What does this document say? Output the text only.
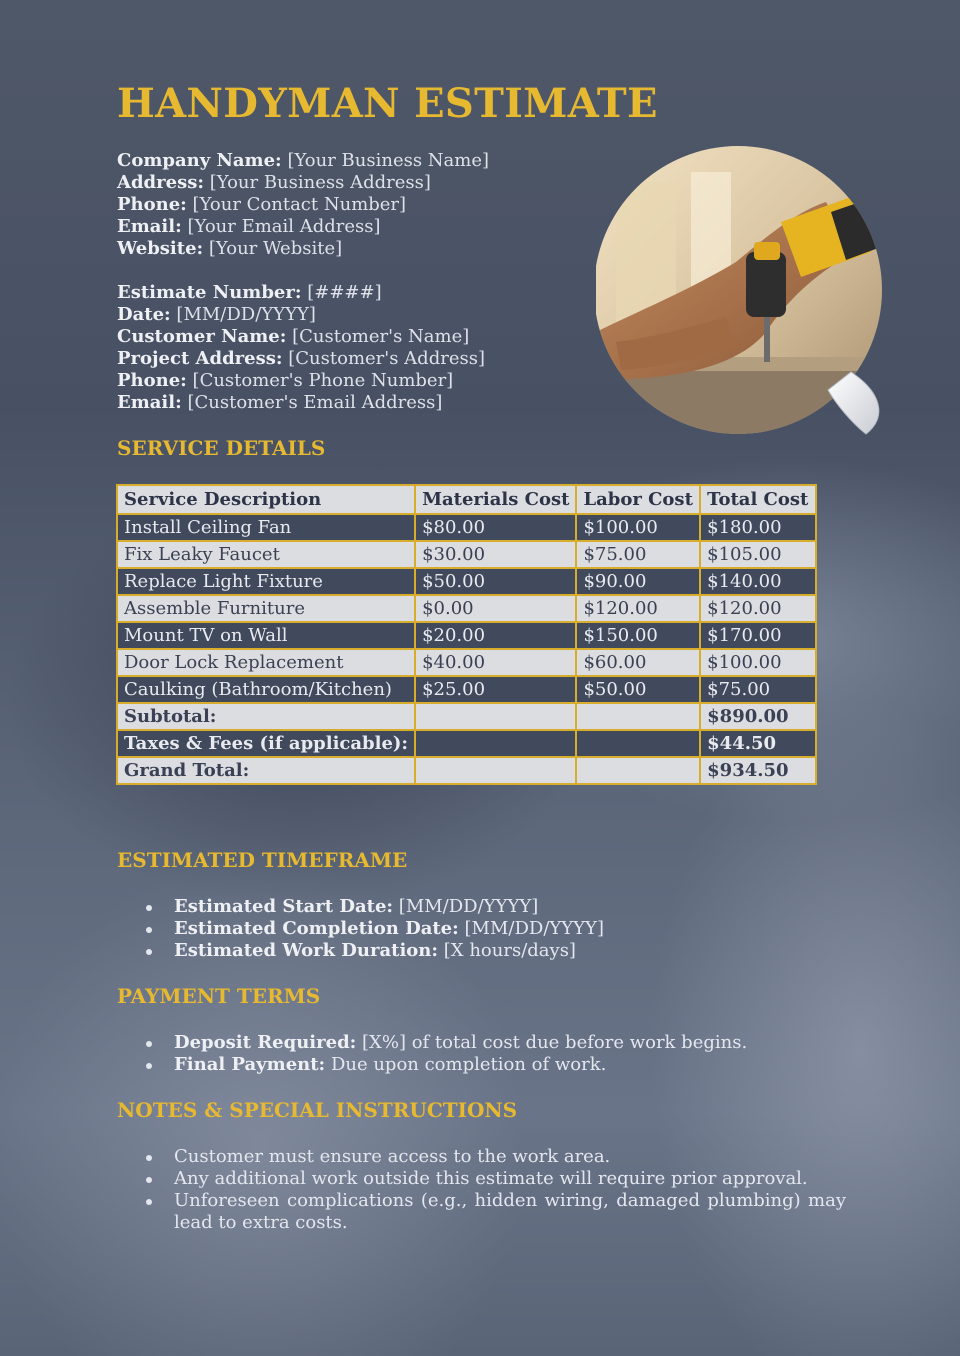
HANDYMAN ESTIMATE
Company Name: [Your Business Name]
Address: [Your Business Address]
Phone: [Your Contact Number]
Email: [Your Email Address]
Website: [Your Website]
Estimate Number: [####]
Date: [MM/DD/YYYY]
Customer Name: [Customer's Name]
Project Address: [Customer's Address]
Phone: [Customer's Phone Number]
Email: [Customer's Email Address]
SERVICE DETAILS
Service Description	Materials Cost	Labor Cost	Total Cost
Install Ceiling Fan	$80.00	$100.00	$180.00
Fix Leaky Faucet	$30.00	$75.00	$105.00
Replace Light Fixture	$50.00	$90.00	$140.00
Assemble Furniture	$0.00	$120.00	$120.00
Mount TV on Wall	$20.00	$150.00	$170.00
Door Lock Replacement	$40.00	$60.00	$100.00
Caulking (Bathroom/Kitchen)	$25.00	$50.00	$75.00
Subtotal:			$890.00
Taxes & Fees (if applicable):			$44.50
Grand Total:			$934.50
ESTIMATED TIMEFRAME
Estimated Start Date: [MM/DD/YYYY]
Estimated Completion Date: [MM/DD/YYYY]
Estimated Work Duration: [X hours/days]
PAYMENT TERMS
Deposit Required: [X%] of total cost due before work begins.
Final Payment: Due upon completion of work.
NOTES & SPECIAL INSTRUCTIONS
Customer must ensure access to the work area.
Any additional work outside this estimate will require prior approval.
Unforeseen complications (e.g., hidden wiring, damaged plumbing) may lead to extra costs.
